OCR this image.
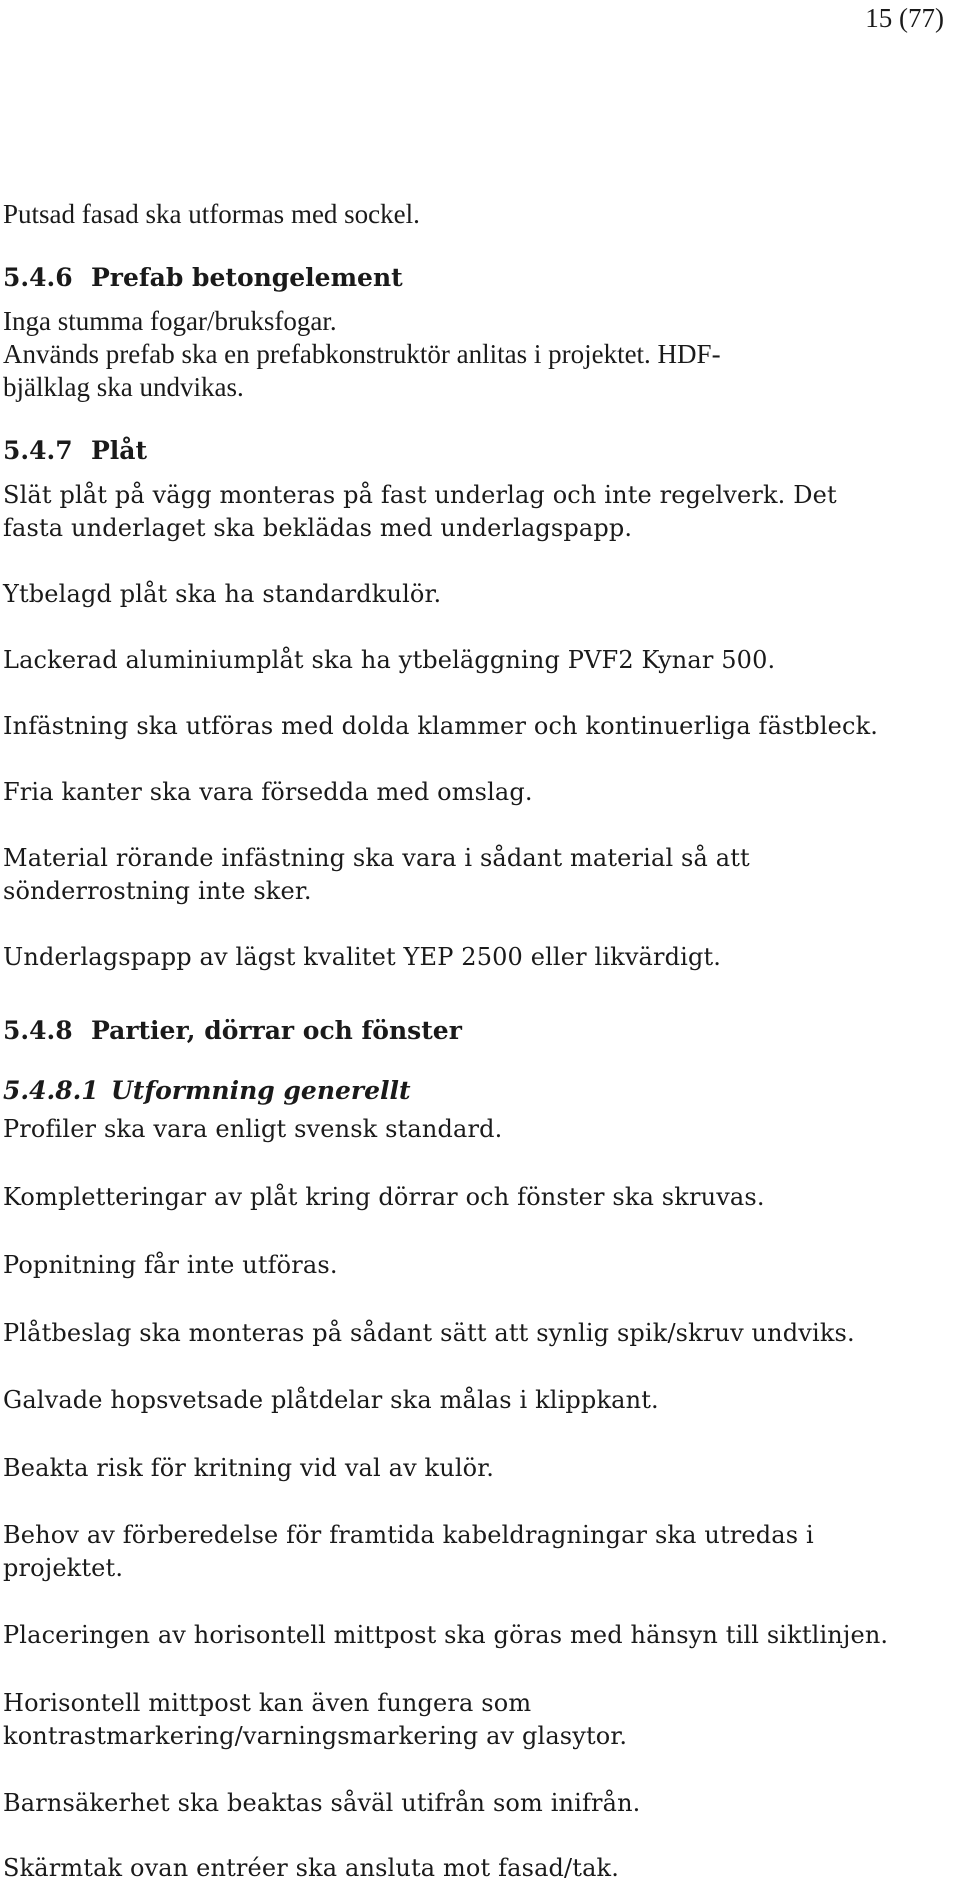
15 (77)

Putsad fasad ska utformas med sockel.

5.4.6 Prefab betongelement

Inga stumma fogar/bruksfogar.

Används prefab ska en prefabkonstruktör anlitas i projektet. HDF-

bjälklag ska undvikas.

5.4.7 Plåt

Slät plåt på vägg monteras på fast underlag och inte regelverk. Det

fasta underlaget ska beklädas med underlagspapp.

Ytbelagd plåt ska ha standardkulör.

Lackerad aluminiumplåt ska ha ytbeläggning PVF2 Kynar 500.

Infästning ska utföras med dolda klammer och kontinuerliga fästbleck.

Fria kanter ska vara försedda med omslag.

Material rörande infästning ska vara i sådant material så att

sönderrostning inte sker.

Underlagspapp av lägst kvalitet YEP 2500 eller likvärdigt.

5.4.8 Partier, dörrar och fönster
5.4.8.1 Utformning generellt

Profiler ska vara enligt svensk standard.

Kompletteringar av plåt kring dörrar och fönster ska skruvas.

Popnitning får inte utföras.

Plåtbeslag ska monteras på sådant sätt att synlig spik/skruv undviks.

Galvade hopsvetsade plåtdelar ska målas i klippkant.

Beakta risk för kritning vid val av kulör.

Behov av förberedelse för framtida kabeldragningar ska utredas i

projektet.

Placeringen av horisontell mittpost ska göras med hänsyn till siktlinjen.

Horisontell mittpost kan även fungera som

kontrastmarkering/varningsmarkering av glasytor.

Barnsäkerhet ska beaktas såväl utifrån som inifrån.

Skärmtak ovan entréer ska ansluta mot fasad/tak.
